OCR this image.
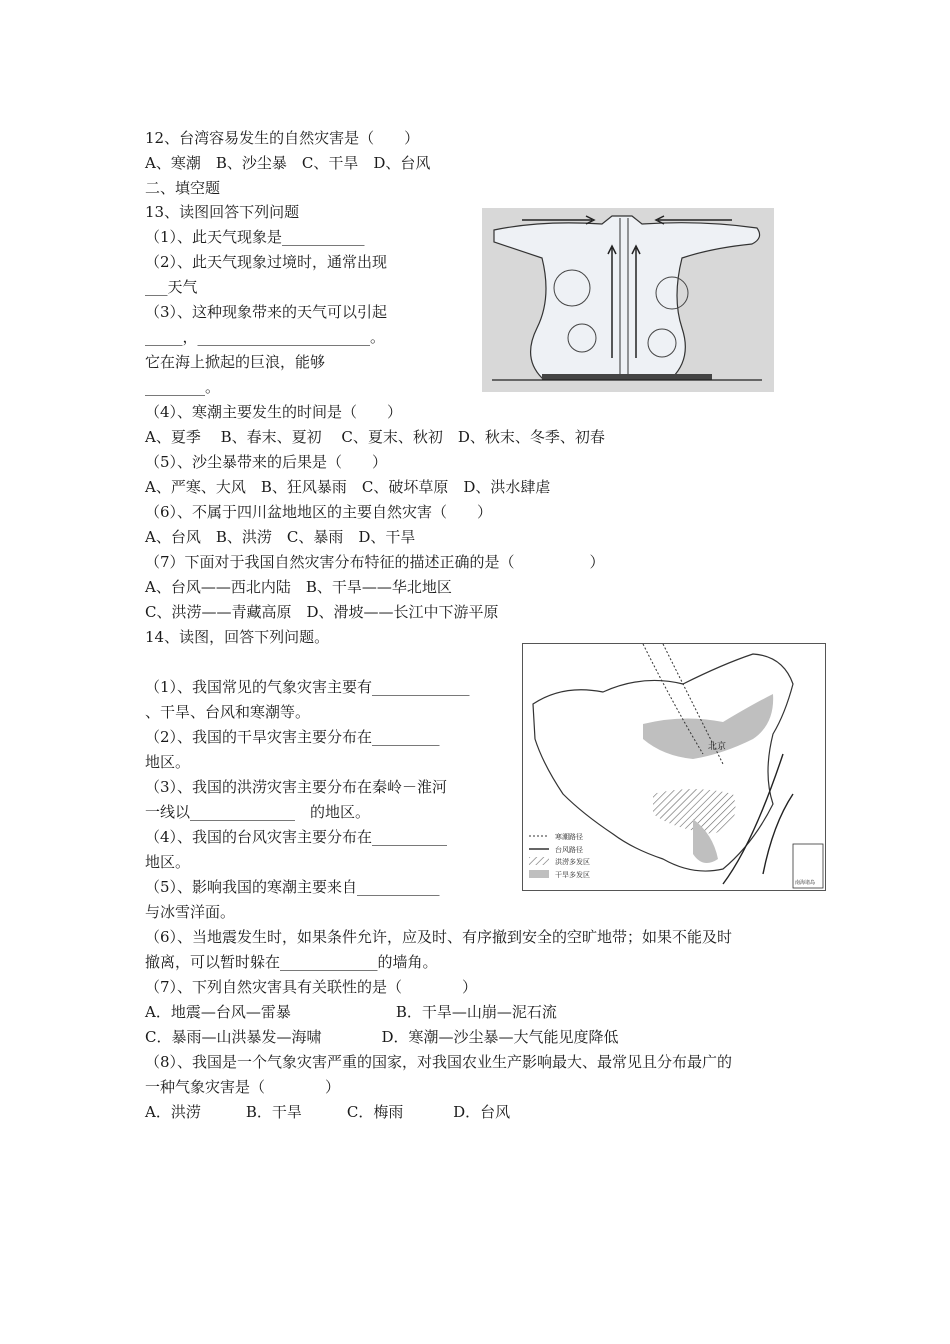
12、台湾容易发生的自然灾害是（　　）
A、寒潮　B、沙尘暴　C、干旱　D、台风
二、填空题
13、读图回答下列问题
（1）、此天气现象是___________
（2）、此天气现象过境时，通常出现
___天气
（3）、这种现象带来的天气可以引起
_____，_______________________。
它在海上掀起的巨浪，能够
________。
（4）、寒潮主要发生的时间是（　　）
A、夏季　 B、春末、夏初　 C、夏末、秋初　D、秋末、冬季、初春
（5）、沙尘暴带来的后果是（　　）
A、严寒、大风　B、狂风暴雨　C、破坏草原　D、洪水肆虐
（6）、不属于四川盆地地区的主要自然灾害（　　）
A、台风　B、洪涝　C、暴雨　D、干旱
（7）下面对于我国自然灾害分布特征的描述正确的是（　　　　　）
A、台风——西北内陆　B、干旱——华北地区
C、洪涝——青藏高原　D、滑坡——长江中下游平原
14、读图，回答下列问题。
（1）、我国常见的气象灾害主要有_____________
、干旱、台风和寒潮等。
（2）、我国的干旱灾害主要分布在_________
地区。
（3）、我国的洪涝灾害主要分布在秦岭－淮河
一线以______________　的地区。
（4）、我国的台风灾害主要分布在__________
地区。
（5）、影响我国的寒潮主要来自___________
与冰雪洋面。
（6）、当地震发生时，如果条件允许，应及时、有序撤到安全的空旷地带；如果不能及时
撤离，可以暂时躲在_____________的墙角。
（7）、下列自然灾害具有关联性的是（　　　　）
A．地震—台风—雷暴　　　　　　　B．干旱—山崩—泥石流
C．暴雨—山洪暴发—海啸　　　　D．寒潮—沙尘暴—大气能见度降低
（8）、我国是一个气象灾害严重的国家，对我国农业生产影响最大、最常见且分布最广的
一种气象灾害是（　　　　）
A．洪涝　　　B．干旱　　　C．梅雨　　　 D．台风
北京
南海诸岛
寒潮路径
台风路径
洪涝多发区
干旱多发区
